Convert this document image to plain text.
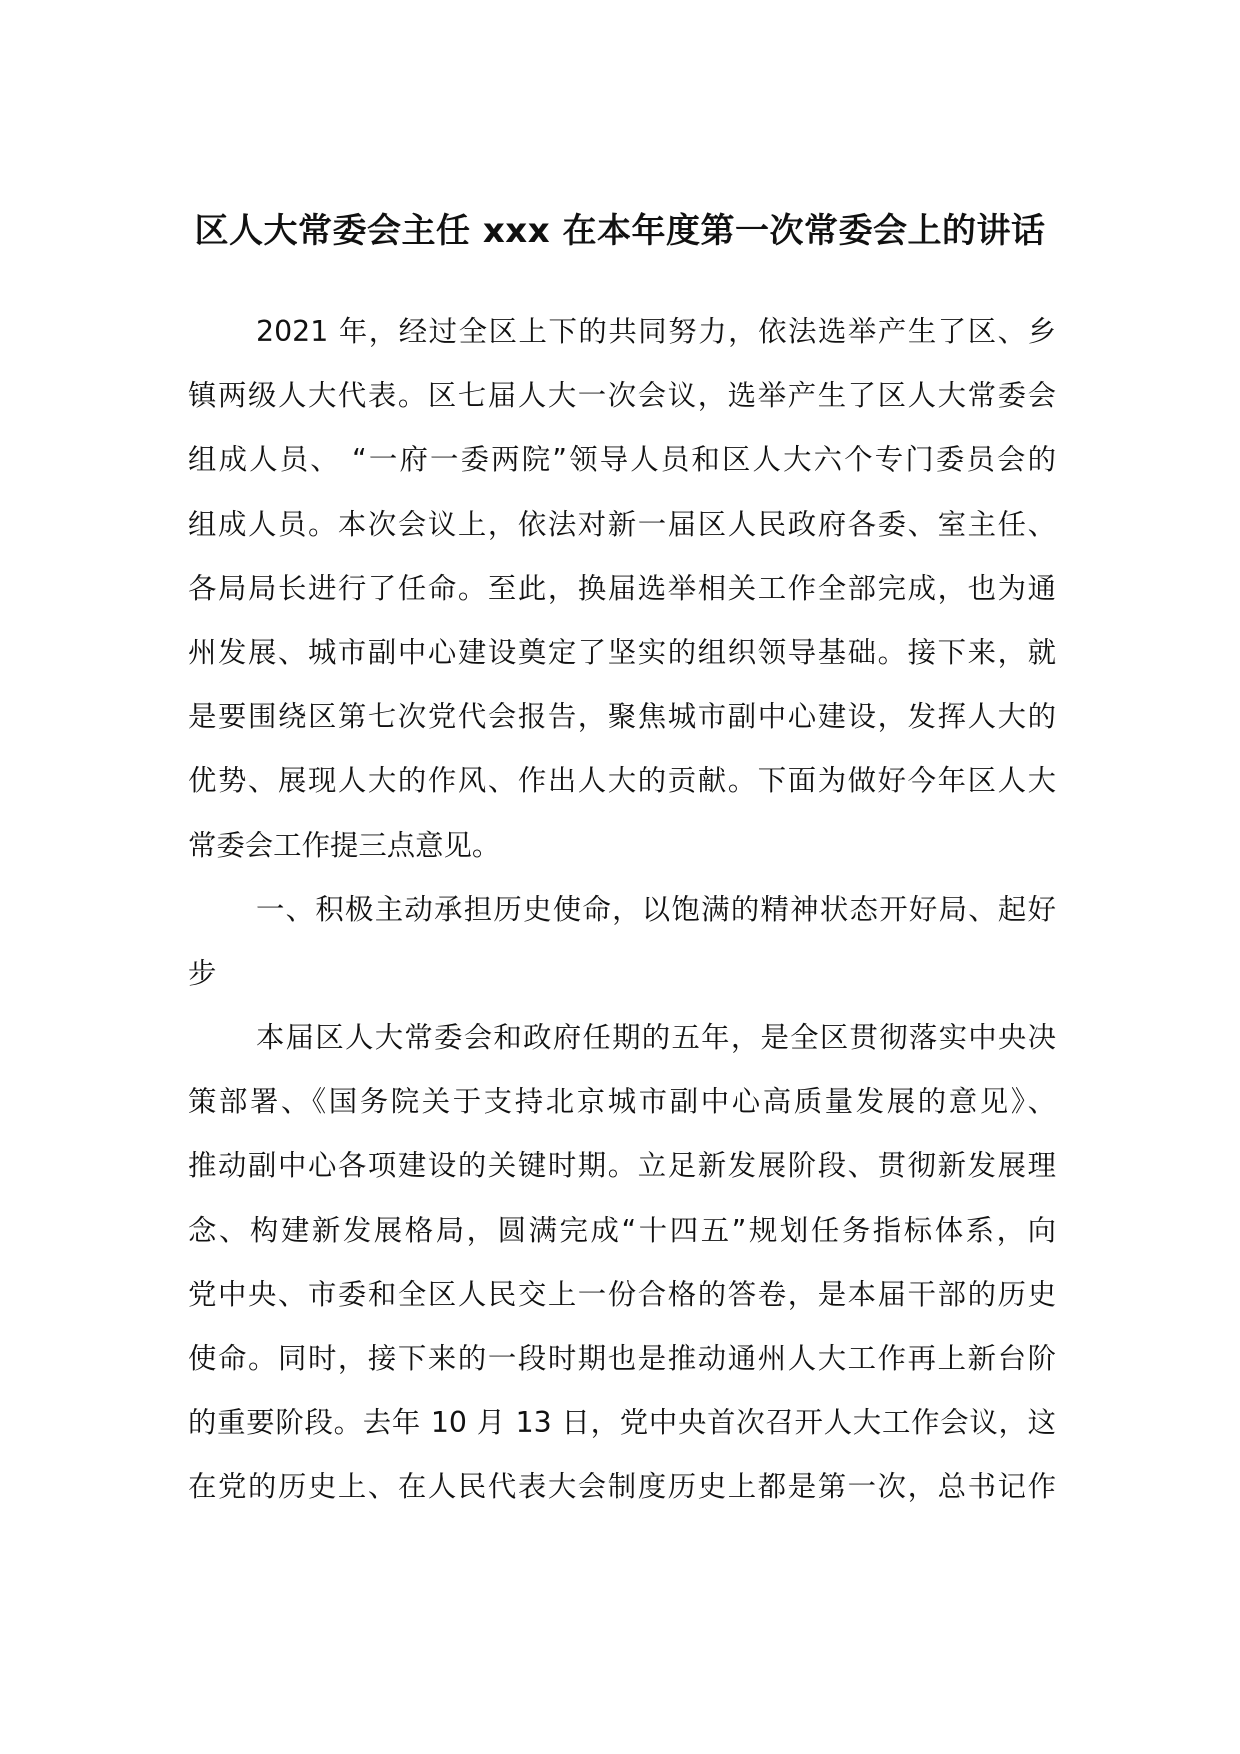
区人大常委会主任 xxx 在本年度第一次常委会上的讲话
2021 年，经过全区上下的共同努力，依法选举产生了区、乡
镇两级人大代表。区七届人大一次会议，选举产生了区人大常委会
组成人员、 “一府一委两院”领导人员和区人大六个专门委员会的
组成人员。本次会议上，依法对新一届区人民政府各委、室主任、
各局局长进行了任命。至此，换届选举相关工作全部完成，也为通
州发展、城市副中心建设奠定了坚实的组织领导基础。接下来，就
是要围绕区第七次党代会报告，聚焦城市副中心建设，发挥人大的
优势、展现人大的作风、作出人大的贡献。下面为做好今年区人大
常委会工作提三点意见。
一、积极主动承担历史使命，以饱满的精神状态开好局、起好
步
本届区人大常委会和政府任期的五年，是全区贯彻落实中央决
策部署、《国务院关于支持北京城市副中心高质量发展的意见》、
推动副中心各项建设的关键时期。立足新发展阶段、贯彻新发展理
念、构建新发展格局，圆满完成“十四五”规划任务指标体系，向
党中央、市委和全区人民交上一份合格的答卷，是本届干部的历史
使命。同时，接下来的一段时期也是推动通州人大工作再上新台阶
的重要阶段。去年 10 月 13 日，党中央首次召开人大工作会议，这
在党的历史上、在人民代表大会制度历史上都是第一次，总书记作
